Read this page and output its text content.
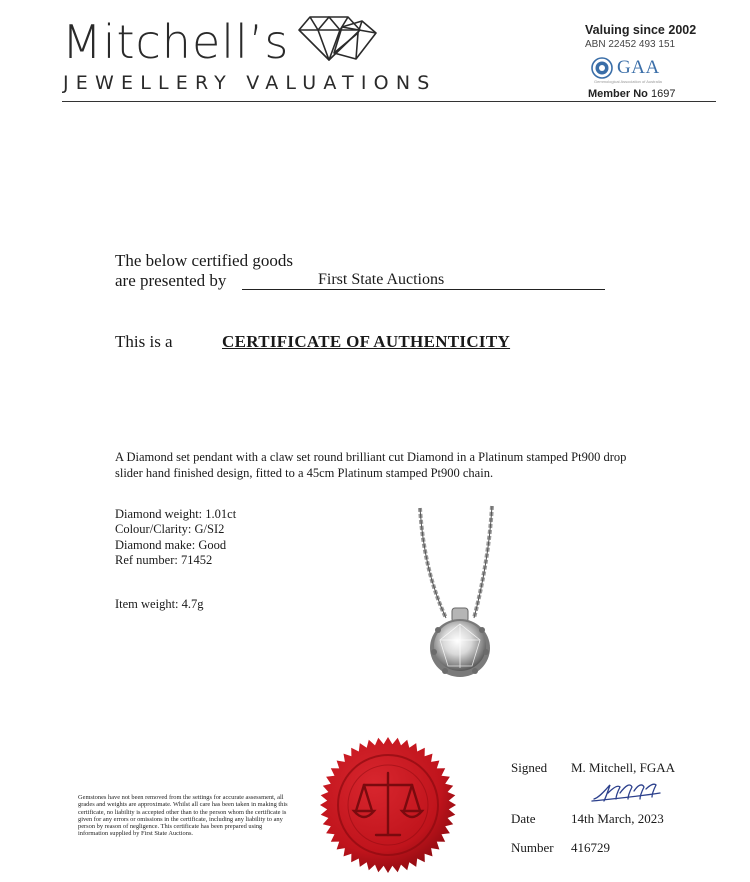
Mitchell’s
JEWELLERY VALUATIONS
Valuing since 2002
ABN 22452 493 151
GAA
Gemmological Association of Australia
Member No 1697
The below certified goods
are presented by	First State Auctions
This is a	CERTIFICATE OF AUTHENTICITY
A Diamond set pendant with a claw set round brilliant cut Diamond in a Platinum stamped Pt900 drop slider hand finished design, fitted to a 45cm Platinum stamped Pt900 chain.
Diamond weight: 1.01ct
Colour/Clarity: G/SI2
Diamond make: Good
Ref number: 71452
Item weight: 4.7g
Gemstones have not been removed from the settings for accurate assessment, all grades and weights are approximate. Whilst all care has been taken in making this certificate, no liability is accepted other than to the person whom the certificate is given for any errors or omissions in the certificate, including any liability to any person by reason of negligence. This certificate has been prepared using information supplied by First State Auctions.
Signed M. Mitchell, FGAA
Date	14th March, 2023
Number 416729
